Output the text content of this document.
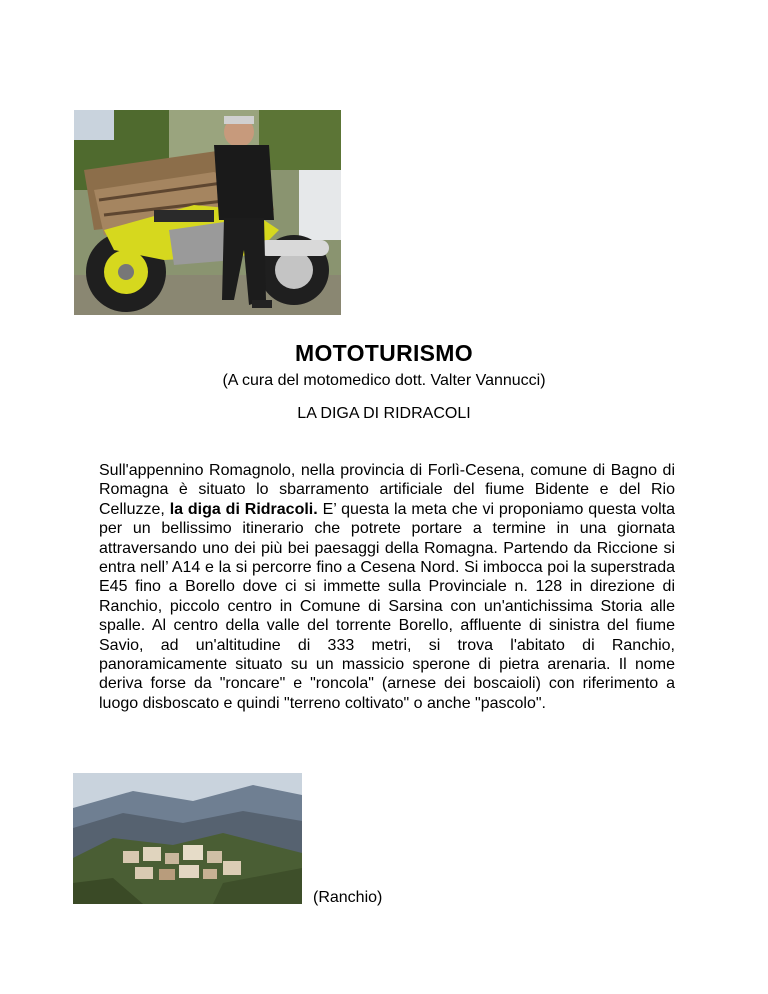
MOTOTURISMO
(A cura del motomedico dott. Valter Vannucci)
LA DIGA DI RIDRACOLI
Sull'appennino Romagnolo, nella provincia di Forlì-Cesena, comune di Bagno di Romagna è situato lo sbarramento artificiale del fiume Bidente e del Rio Celluzze, la diga di Ridracoli. E’ questa la meta che vi proponiamo questa volta per un bellissimo itinerario che potrete portare a termine in una giornata attraversando uno dei più bei paesaggi della Romagna. Partendo da Riccione si entra nell’ A14 e la si percorre fino a Cesena Nord. Si imbocca poi la superstrada E45 fino a Borello dove ci si immette sulla Provinciale n. 128 in direzione di Ranchio, piccolo centro in Comune di Sarsina con un'antichissima Storia alle spalle. Al centro della valle del torrente Borello, affluente di sinistra del fiume Savio, ad un'altitudine di 333 metri, si trova l'abitato di Ranchio, panoramicamente situato su un massicio sperone di pietra arenaria. Il nome deriva forse da "roncare" e "roncola" (arnese dei boscaioli) con riferimento a luogo disboscato e quindi "terreno coltivato" o anche "pascolo".
(Ranchio)
